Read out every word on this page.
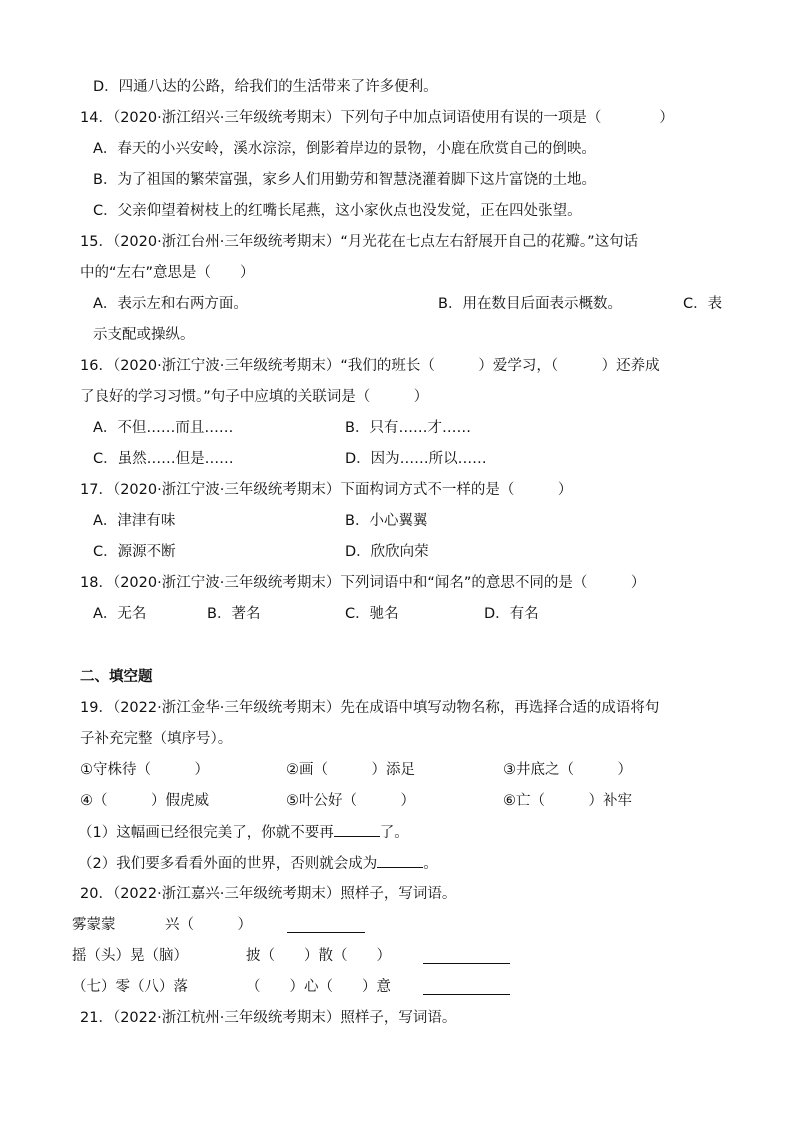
D．四通八达的公路，给我们的生活带来了许多便利。
14．（2020·浙江绍兴·三年级统考期末）下列句子中加点词语使用有误的一项是（　　　　）
A．春天的小兴安岭，溪水淙淙，倒影着岸边的景物，小鹿在欣赏自己的倒映。
B．为了祖国的繁荣富强，家乡人们用勤劳和智慧浇灌着脚下这片富饶的土地。
C．父亲仰望着树枝上的红嘴长尾燕，这小家伙点也没发觉，正在四处张望。
15．（2020·浙江台州·三年级统考期末）“月光花在七点左右舒展开自己的花瓣。”这句话
中的“左右”意思是（　　）
A．表示左和右两方面。	B．用在数目后面表示概数。	C．表
示支配或操纵。
16．（2020·浙江宁波·三年级统考期末）“我们的班长（　　　）爱学习，（　　　）还养成
了良好的学习习惯。”句子中应填的关联词是（　　　）
A．不但……而且……	B．只有……才……
C．虽然……但是……	D．因为……所以……
17．（2020·浙江宁波·三年级统考期末）下面构词方式不一样的是（　　　）
A．津津有味	B．小心翼翼
C．源源不断	D．欣欣向荣
18．（2020·浙江宁波·三年级统考期末）下列词语中和“闻名”的意思不同的是（　　　）
A．无名	B．著名	C．驰名	D．有名
二、填空题
19．（2022·浙江金华·三年级统考期末）先在成语中填写动物名称，再选择合适的成语将句
子补充完整（填序号）。
①守株待（　　　）	②画（　　　）添足	③井底之（　　　）
④（　　　）假虎威	⑤叶公好（　　　）	⑥亡（　　　）补牢
（1）这幅画已经很完美了，你就不要再	了。
（2）我们要多看看外面的世界，否则就会成为	。
20．（2022·浙江嘉兴·三年级统考期末）照样子，写词语。
雾蒙蒙	兴（　　　）
摇（头）晃（脑）	披（　　）散（　　）
（七）零（八）落	（　　）心（　　）意
21．（2022·浙江杭州·三年级统考期末）照样子，写词语。
